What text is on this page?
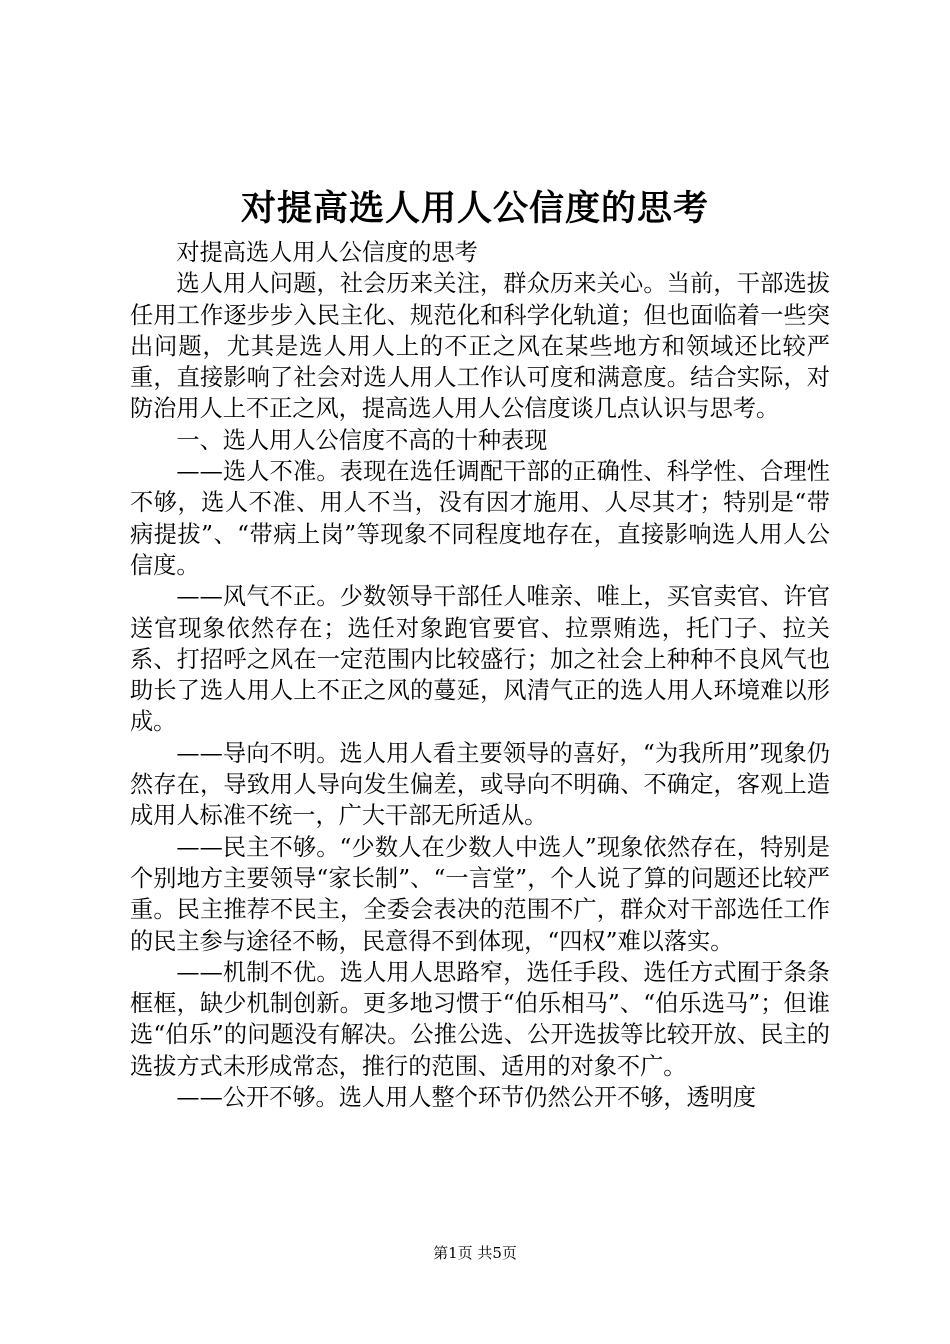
对提高选人用人公信度的思考

对提高选人用人公信度的思考

选人用人问题，社会历来关注，群众历来关心。当前，干部选拔任用工作逐步步入民主化、规范化和科学化轨道；但也面临着一些突出问题，尤其是选人用人上的不正之风在某些地方和领域还比较严重，直接影响了社会对选人用人工作认可度和满意度。结合实际，对防治用人上不正之风，提高选人用人公信度谈几点认识与思考。

一、选人用人公信度不高的十种表现

——选人不准。表现在选任调配干部的正确性、科学性、合理性不够，选人不准、用人不当，没有因才施用、人尽其才；特别是“带病提拔”、“带病上岗”等现象不同程度地存在，直接影响选人用人公信度。

——风气不正。少数领导干部任人唯亲、唯上，买官卖官、许官送官现象依然存在；选任对象跑官要官、拉票贿选，托门子、拉关系、打招呼之风在一定范围内比较盛行；加之社会上种种不良风气也助长了选人用人上不正之风的蔓延，风清气正的选人用人环境难以形成。

——导向不明。选人用人看主要领导的喜好，“为我所用”现象仍然存在，导致用人导向发生偏差，或导向不明确、不确定，客观上造成用人标准不统一，广大干部无所适从。

——民主不够。“少数人在少数人中选人”现象依然存在，特别是个别地方主要领导“家长制”、“一言堂”，个人说了算的问题还比较严重。民主推荐不民主，全委会表决的范围不广，群众对干部选任工作的民主参与途径不畅，民意得不到体现，“四权”难以落实。

——机制不优。选人用人思路窄，选任手段、选任方式囿于条条框框，缺少机制创新。更多地习惯于“伯乐相马”、“伯乐选马”；但谁选“伯乐”的问题没有解决。公推公选、公开选拔等比较开放、民主的选拔方式未形成常态，推行的范围、适用的对象不广。

——公开不够。选人用人整个环节仍然公开不够，透明度

第1页 共5页
